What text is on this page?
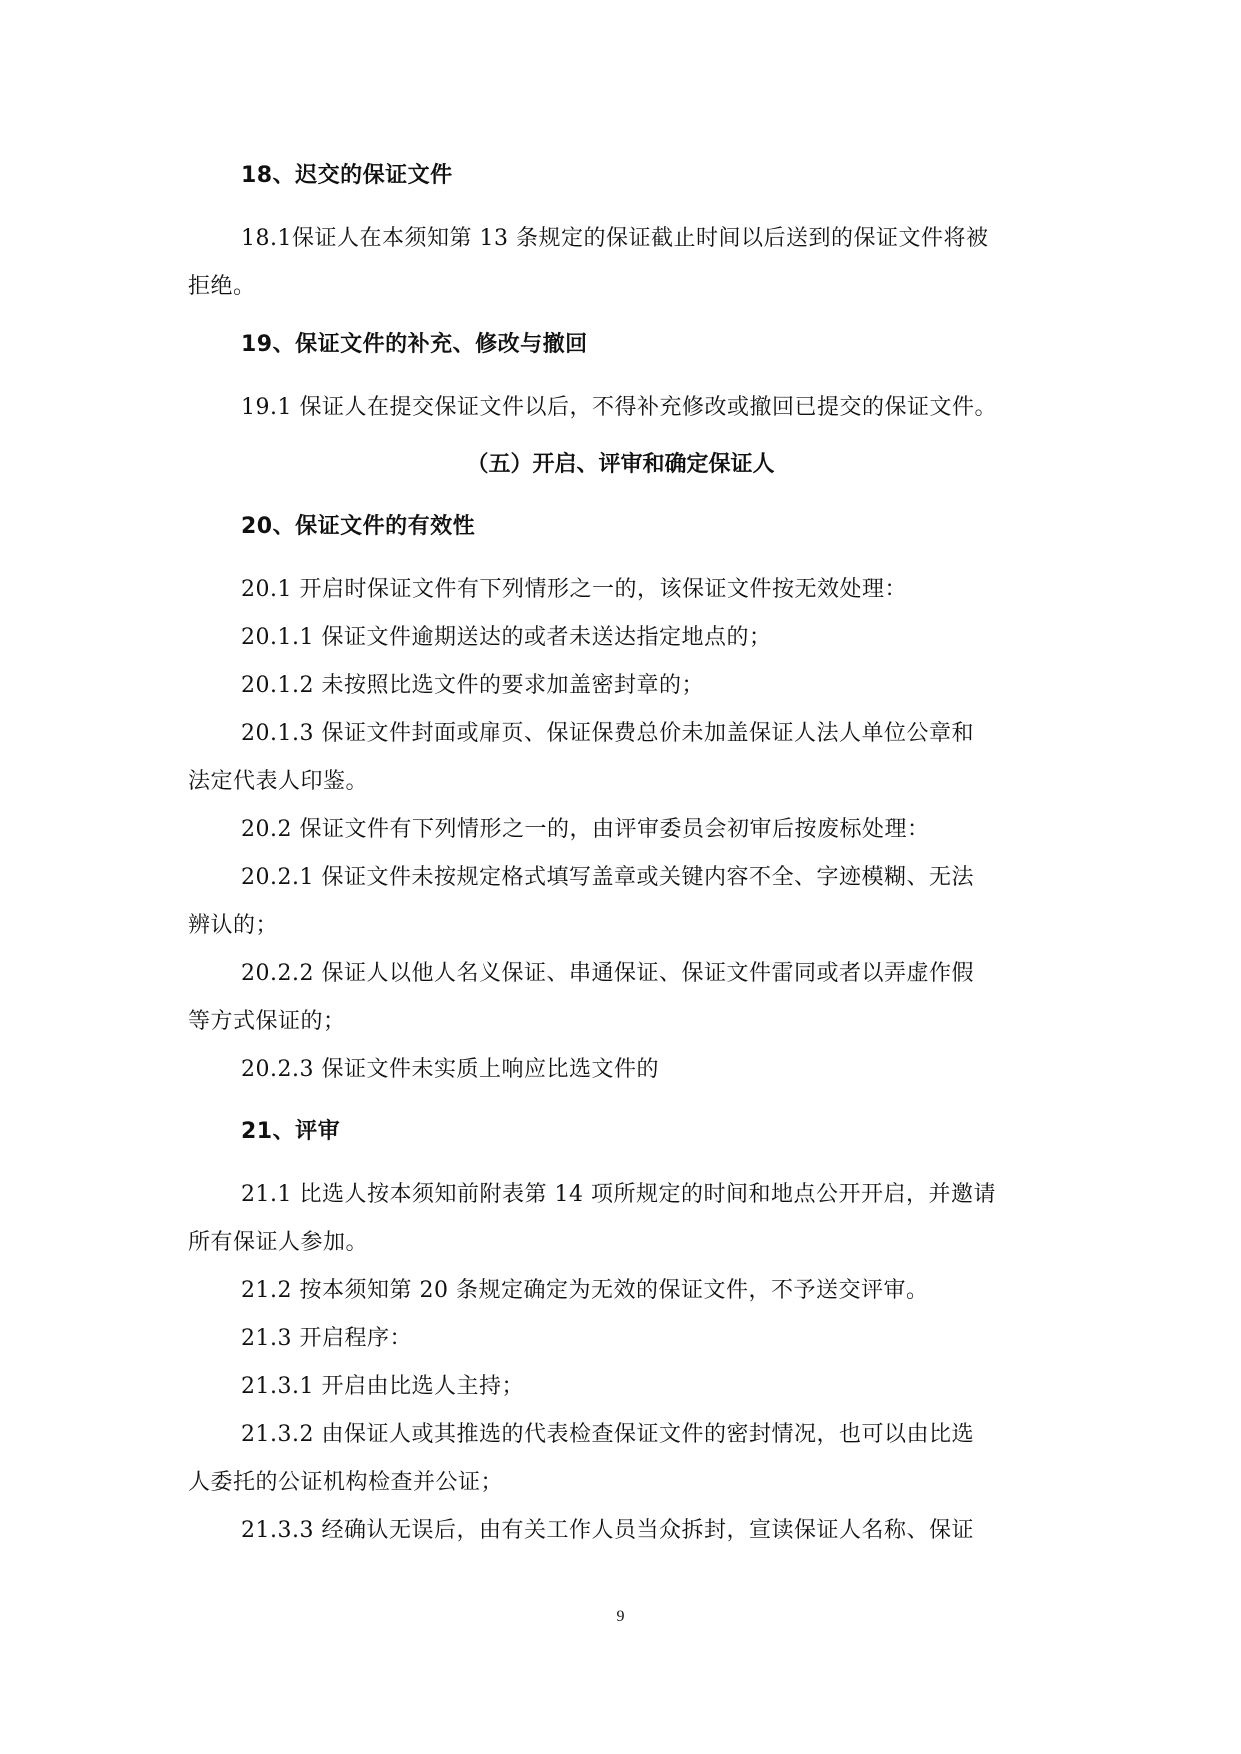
18、迟交的保证文件
18.1保证人在本须知第 13 条规定的保证截止时间以后送到的保证文件将被
拒绝。
19、保证文件的补充、修改与撤回
19.1 保证人在提交保证文件以后，不得补充修改或撤回已提交的保证文件。
（五）开启、评审和确定保证人
20、保证文件的有效性
20.1 开启时保证文件有下列情形之一的，该保证文件按无效处理：
20.1.1 保证文件逾期送达的或者未送达指定地点的；
20.1.2 未按照比选文件的要求加盖密封章的；
20.1.3 保证文件封面或扉页、保证保费总价未加盖保证人法人单位公章和
法定代表人印鉴。
20.2 保证文件有下列情形之一的，由评审委员会初审后按废标处理：
20.2.1 保证文件未按规定格式填写盖章或关键内容不全、字迹模糊、无法
辨认的；
20.2.2 保证人以他人名义保证、串通保证、保证文件雷同或者以弄虚作假
等方式保证的；
20.2.3 保证文件未实质上响应比选文件的
21、评审
21.1 比选人按本须知前附表第 14 项所规定的时间和地点公开开启，并邀请
所有保证人参加。
21.2 按本须知第 20 条规定确定为无效的保证文件，不予送交评审。
21.3 开启程序：
21.3.1 开启由比选人主持；
21.3.2 由保证人或其推选的代表检查保证文件的密封情况，也可以由比选
人委托的公证机构检查并公证；
21.3.3 经确认无误后，由有关工作人员当众拆封，宣读保证人名称、保证
9
